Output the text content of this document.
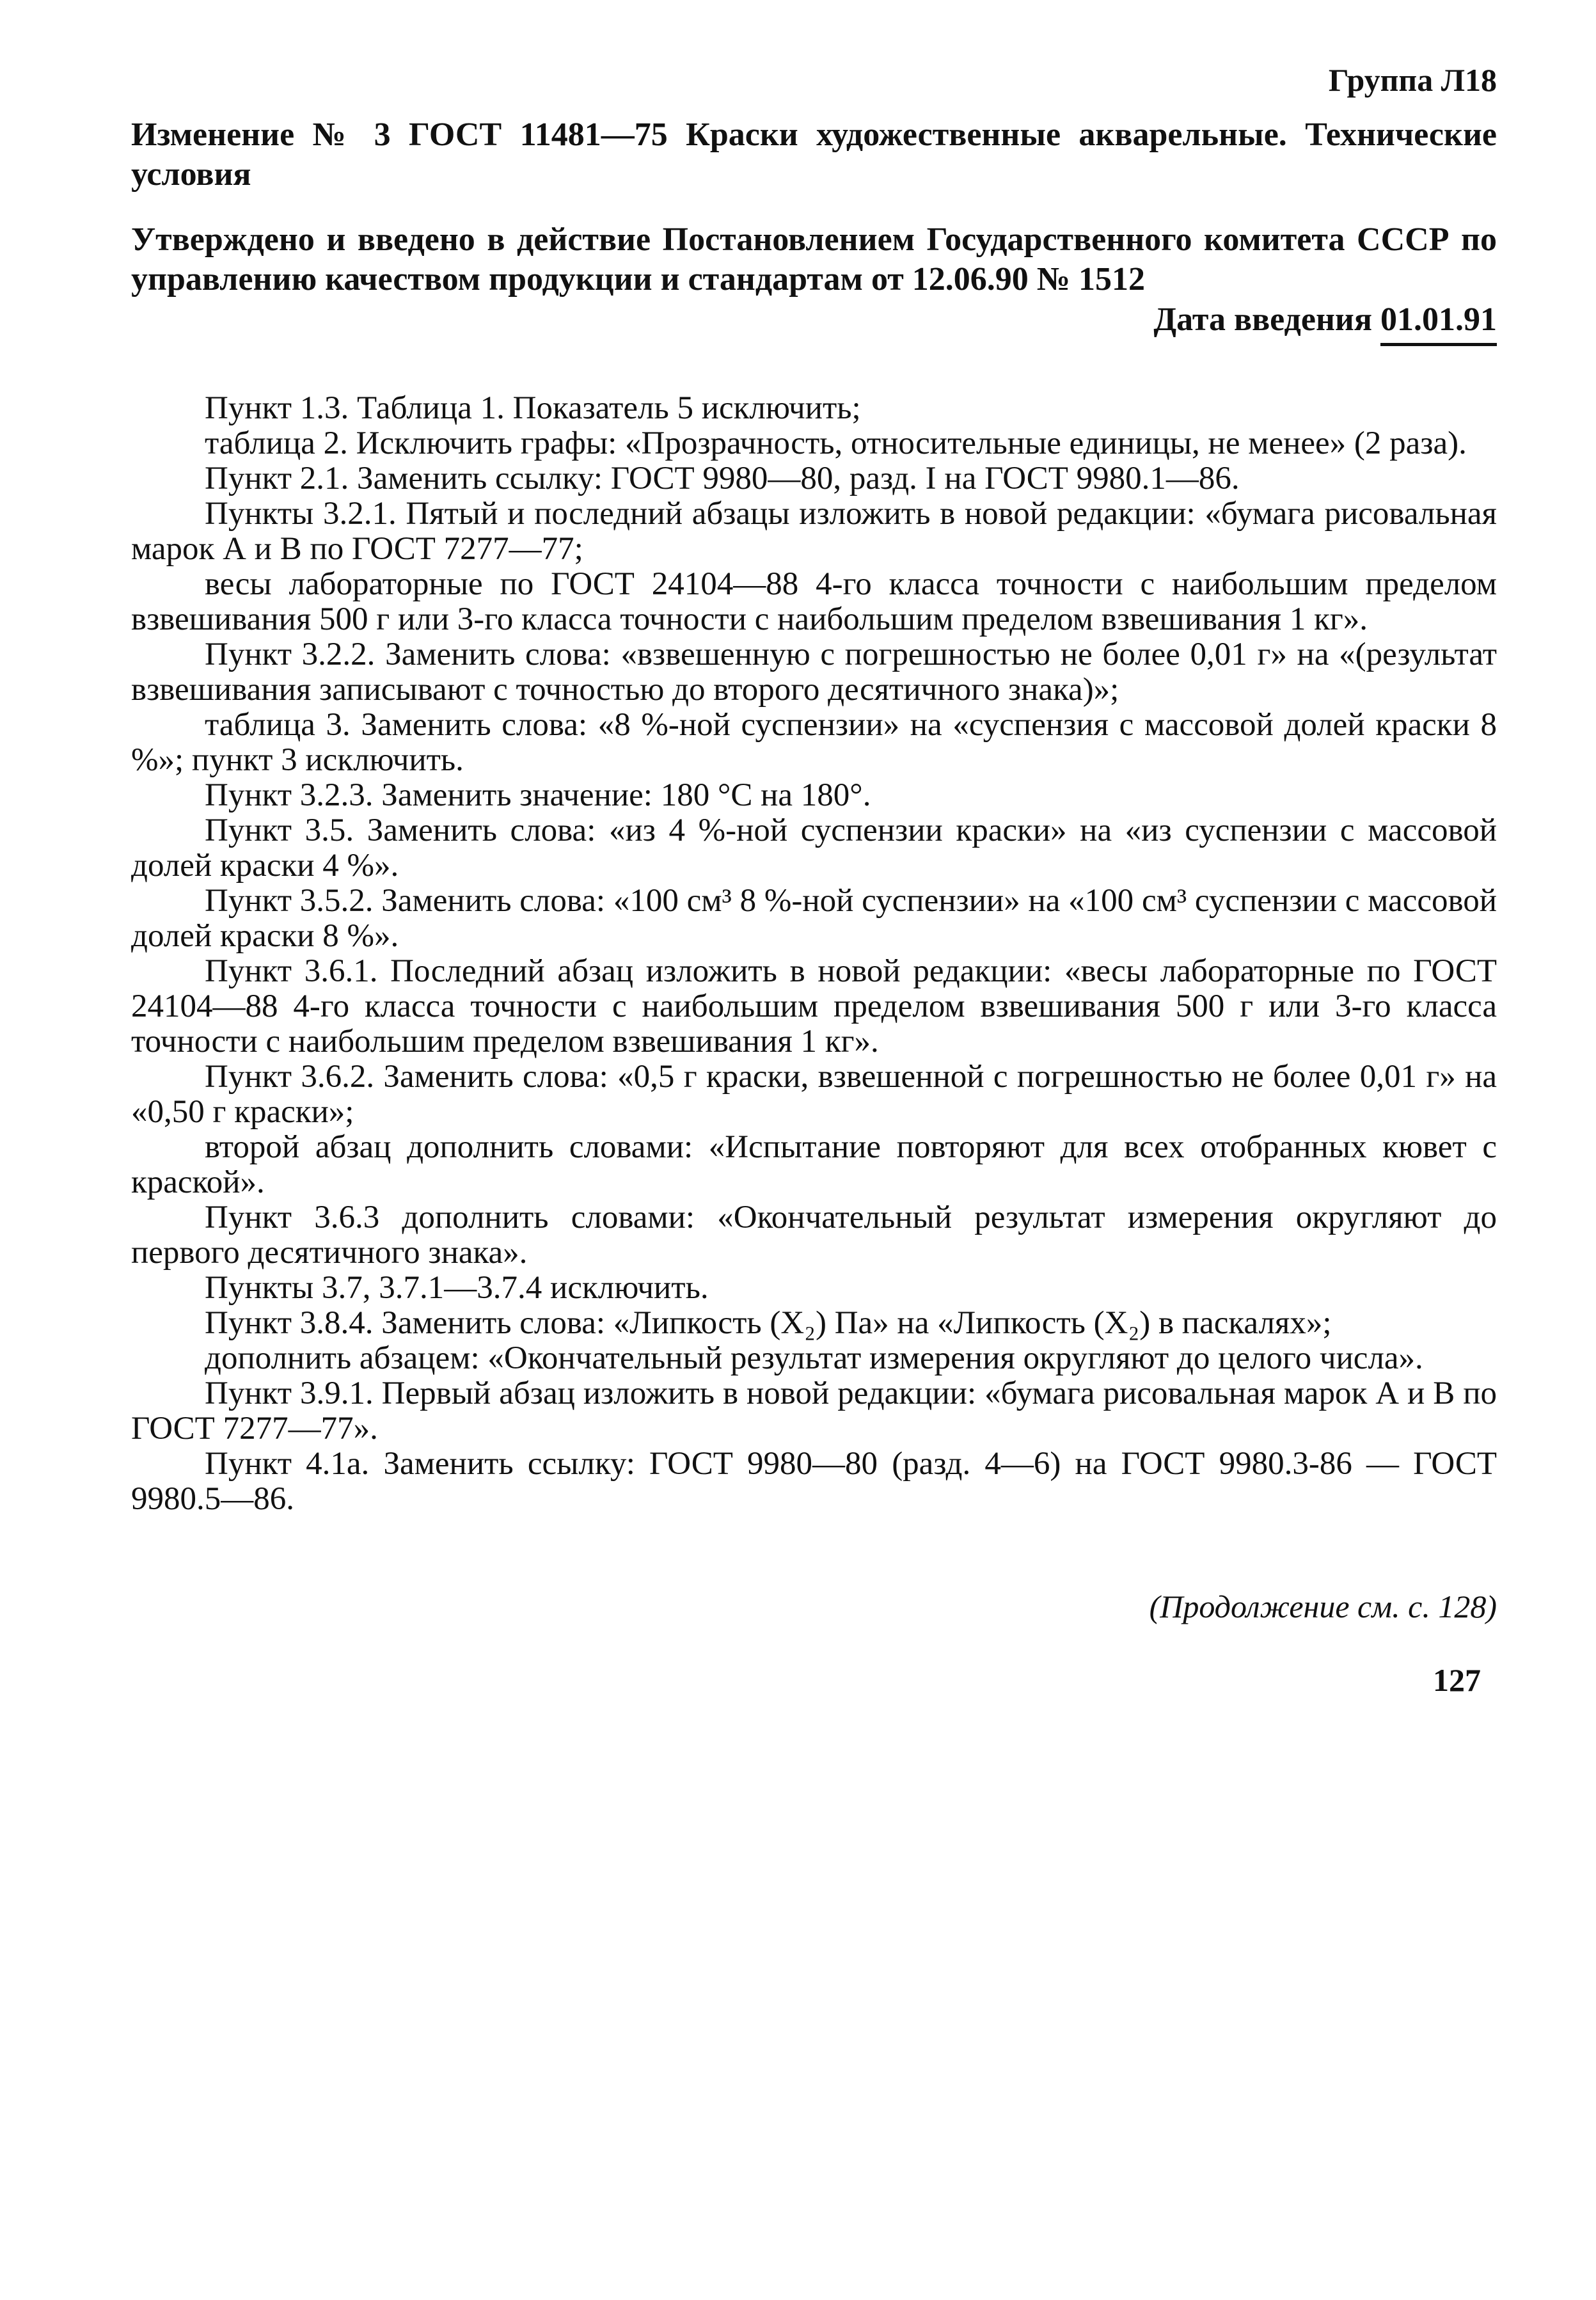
Группа Л18

Изменение № 3 ГОСТ 11481—75 Краски художественные акварельные. Технические условия

Утверждено и введено в действие Постановлением Государственного комитета СССР по управлению качеством продукции и стандартам от 12.06.90 № 1512

Дата введения 01.01.91

Пункт 1.3. Таблица 1. Показатель 5 исключить;

таблица 2. Исключить графы: «Прозрачность, относительные единицы, не менее» (2 раза).

Пункт 2.1. Заменить ссылку: ГОСТ 9980—80, разд. I на ГОСТ 9980.1—86.

Пункты 3.2.1. Пятый и последний абзацы изложить в новой редакции: «бумага рисовальная марок А и В по ГОСТ 7277—77;

весы лабораторные по ГОСТ 24104—88 4-го класса точности с наибольшим пределом взвешивания 500 г или 3-го класса точности с наибольшим пределом взвешивания 1 кг».

Пункт 3.2.2. Заменить слова: «взвешенную с погрешностью не более 0,01 г» на «(результат взвешивания записывают с точностью до второго десятичного знака)»;

таблица 3. Заменить слова: «8 %-ной суспензии» на «суспензия с массовой долей краски 8 %»; пункт 3 исключить.

Пункт 3.2.3. Заменить значение: 180 °С на 180°.

Пункт 3.5. Заменить слова: «из 4 %-ной суспензии краски» на «из суспензии с массовой долей краски 4 %».

Пункт 3.5.2. Заменить слова: «100 см³ 8 %-ной суспензии» на «100 см³ суспензии с массовой долей краски 8 %».

Пункт 3.6.1. Последний абзац изложить в новой редакции: «весы лабораторные по ГОСТ 24104—88 4-го класса точности с наибольшим пределом взвешивания 500 г или 3-го класса точности с наибольшим пределом взвешивания 1 кг».

Пункт 3.6.2. Заменить слова: «0,5 г краски, взвешенной с погрешностью не более 0,01 г» на «0,50 г краски»;

второй абзац дополнить словами: «Испытание повторяют для всех отобранных кювет с краской».

Пункт 3.6.3 дополнить словами: «Окончательный результат измерения округляют до первого десятичного знака».

Пункты 3.7, 3.7.1—3.7.4 исключить.

Пункт 3.8.4. Заменить слова: «Липкость (X₂) Па» на «Липкость (X₂) в паскалях»;

дополнить абзацем: «Окончательный результат измерения округляют до целого числа».

Пункт 3.9.1. Первый абзац изложить в новой редакции: «бумага рисовальная марок А и В по ГОСТ 7277—77».

Пункт 4.1а. Заменить ссылку: ГОСТ 9980—80 (разд. 4—6) на ГОСТ 9980.3-86 — ГОСТ 9980.5—86.

(Продолжение см. с. 128)

127
